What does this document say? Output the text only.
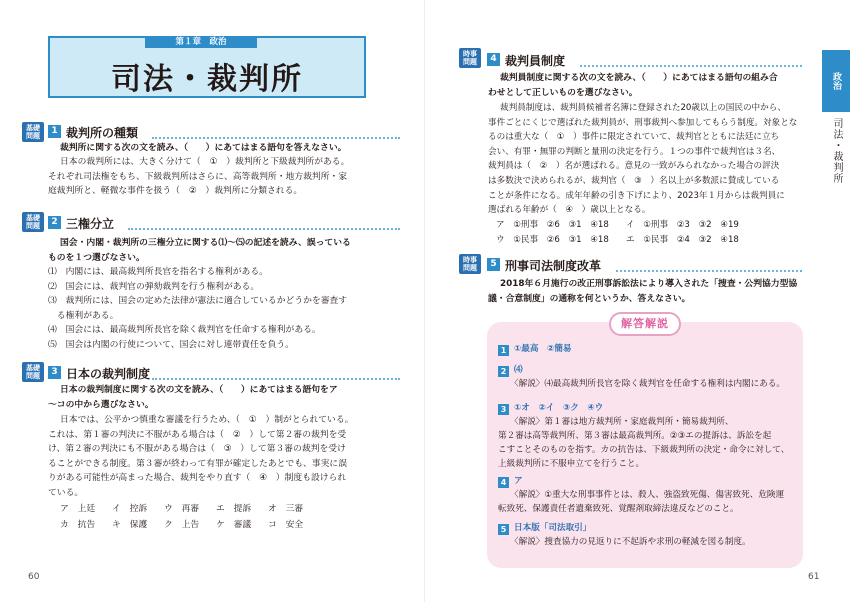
司法・裁判所
第１章　政治
基礎
問題	1 裁判所の種類
裁判所に関する次の文を読み、（　　）にあてはまる語句を答えなさい。
日本の裁判所には、大きく分けて（　①　）裁判所と下級裁判所がある。
それぞれ司法権をもち、下級裁判所はさらに、高等裁判所・地方裁判所・家
庭裁判所と、軽微な事件を扱う（　②　）裁判所に分類される。
基礎
問題	2 三権分立
国会・内閣・裁判所の三権分立に関する⑴〜⑸の記述を読み、誤っている
ものを１つ選びなさい。
⑴　内閣には、最高裁判所長官を指名する権利がある。
⑵　国会には、裁判官の弾劾裁判を行う権利がある。
⑶　裁判所には、国会の定めた法律が憲法に適合しているかどうかを審査す
　る権利がある。
⑷　国会には、最高裁判所長官を除く裁判官を任命する権利がある。
⑸　国会は内閣の行使について、国会に対し連帯責任を負う。
基礎
問題	3 日本の裁判制度
日本の裁判制度に関する次の文を読み、（　　）にあてはまる語句をア
〜コの中から選びなさい。
日本では、公平かつ慎重な審議を行うため、（　①　）制がとられている。
これは、第１審の判決に不服がある場合は（　②　）して第２審の裁判を受
け、第２審の判決にも不服がある場合は（　③　）して第３審の裁判を受け
ることができる制度。第３審が終わって有罪が確定したあとでも、事実に誤
りがある可能性が高まった場合、裁判をやり直す（　④　）制度も設けられ
ている。
ア　上廷 イ　控訴 ウ　再審 エ　提訴 オ　三審
カ　抗告 キ　保護 ク　上告 ケ　審議 コ　安全
60
時事
問題	4 裁判員制度
裁判員制度に関する次の文を読み、（　　）にあてはまる語句の組み合
わせとして正しいものを選びなさい。
裁判員制度は、裁判員候補者名簿に登録された20歳以上の国民の中から、
事件ごとにくじで選ばれた裁判員が、刑事裁判へ参加してもらう制度。対象とな
るのは重大な（　①　）事件に限定されていて、裁判官とともに法廷に立ち
会い、有罪・無罪の判断と量刑の決定を行う。１つの事件で裁判官は３名、
裁判員は（　②　）名が選ばれる。意見の一致がみられなかった場合の評決
は多数決で決められるが、裁判官（　③　）名以上が多数派に賛成している
ことが条件になる。成年年齢の引き下げにより、2023年１月からは裁判員に
選ばれる年齢が（　④　）歳以上となる。
ア　①刑事　②6　③1　④18　　イ　①刑事　②3　③2　④19
ウ　①民事　②6　③1　④18　　エ　①民事　②4　③2　④18
時事
問題	5 刑事司法制度改革
2018年６月施行の改正刑事訴訟法により導入された「捜査・公判協力型協
議・合意制度」の通称を何というか、答えなさい。
解答解説
1 ①最高　②簡易
2 ⑷
〈解説〉⑷最高裁判所長官を除く裁判官を任命する権利は内閣にある。
3 ①オ　②イ　③ク　④ウ
〈解説〉第１審は地方裁判所・家庭裁判所・簡易裁判所、
第２審は高等裁判所、第３審は最高裁判所。②③エの提訴は、訴訟を起
こすことそのものを指す。カの抗告は、下級裁判所の決定・命令に対して、
上級裁判所に不服申立てを行うこと。
4 ア
〈解説〉①重大な刑事事件とは、殺人、強盗致死傷、傷害致死、危険運
転致死、保護責任者遺棄致死、覚醒剤取締法違反などのこと。
5 日本版「司法取引」
〈解説〉捜査協力の見返りに不起訴や求刑の軽減を図る制度。
政治
司法・裁判所
61
